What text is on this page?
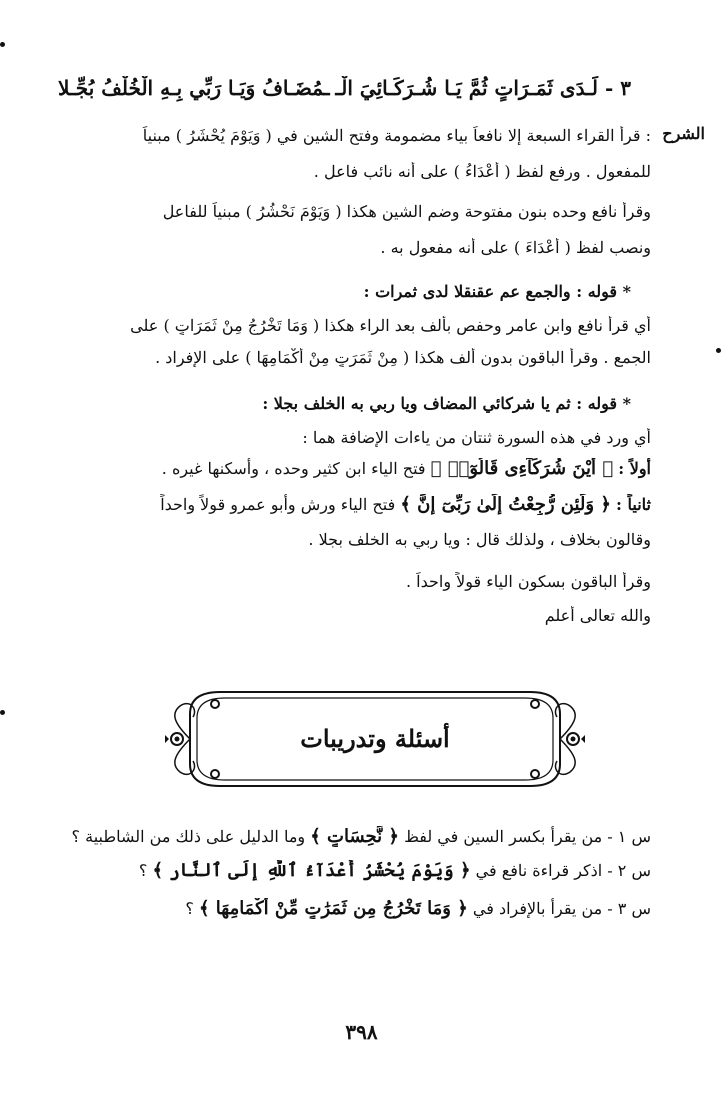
٣ - لَـدَى ثَمَـرَاتٍ ثُمَّ يَـا شُـرَكَـائِيَ الْـ
ـمُضَـافُ وَيَـا رَبِّي بِـهِ الْخُلْفُ بُجِّـلا
الشرح
: قرأ القراء السبعة إلا نافعاً بياء مضمومة وفتح الشين في ( وَيَوْمَ يُحْشَرُ ) مبنياً
للمفعول . ورفع لفظ ( أَعْدَاءُ ) على أنه نائب فاعل .
وقرأ نافع وحده بنون مفتوحة وضم الشين هكذا ( وَيَوْمَ نَحْشُرُ ) مبنياً للفاعل
ونصب لفظ ( أَعْدَاءَ ) على أنه مفعول به .
* قوله : والجمع عم عقنقلا لدى ثمرات :
أي قرأ نافع وابن عامر وحفص بألف بعد الراء هكذا ( وَمَا تَخْرُجُ مِنْ ثَمَرَاتٍ ) على
الجمع . وقرأ الباقون بدون ألف هكذا ( مِنْ ثَمَرَتٍ مِنْ أَكْمَامِهَا ) على الإفراد .
* قوله : ثم يا شركائي المضاف ويا ربي به الخلف بجلا :
أي ورد في هذه السورة ثنتان من ياءات الإضافة هما :
أولاً : ﴿ أَيْنَ شُرَكَآءِى قَالُوٓا۟ ﴾ فتح الياء ابن كثير وحده ، وأسكنها غيره .
ثانياً : ﴿ وَلَئِن رُّجِعْتُ إِلَىٰ رَبِّىٓ إِنَّ ﴾ فتح الياء ورش وأبو عمرو قولاً واحداً
وقالون بخلاف ، ولذلك قال : ويا ربي به الخلف بجلا .
وقرأ الباقون بسكون الياء قولاً واحداً .
والله تعالى أعلم
أسئلة وتدريبات
س ١ - من يقرأ بكسر السين في لفظ ﴿ نَّحِسَاتٍ ﴾ وما الدليل على ذلك من الشاطبية ؟
س ٢ - اذكر قراءة نافع في ﴿ وَيَوْمَ يُحْشَرُ أَعْدَآءُ ٱللَّهِ إِلَى ٱلنَّارِ ﴾ ؟
س ٣ - من يقرأ بالإفراد في ﴿ وَمَا تَخْرُجُ مِن ثَمَرَٰتٍ مِّنْ أَكْمَامِهَا ﴾ ؟
٣٩٨
